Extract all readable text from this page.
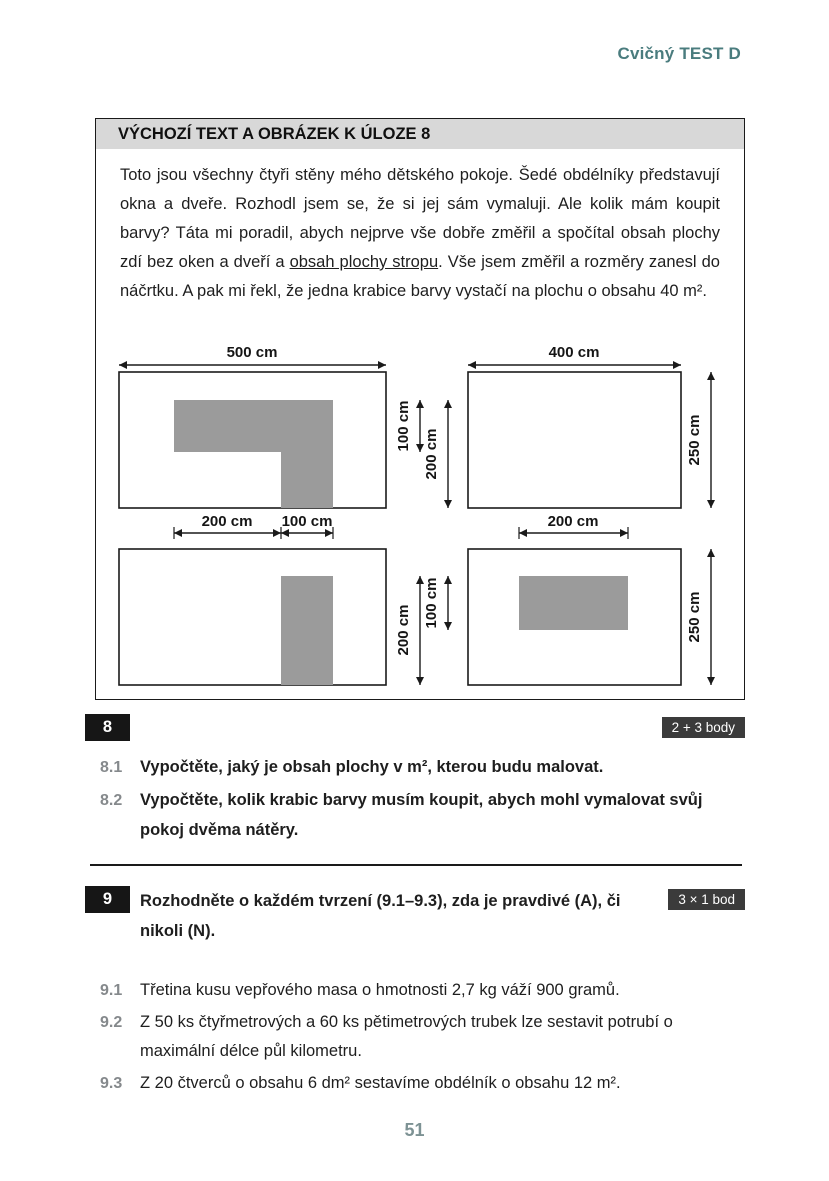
Cvičný TEST D
VÝCHOZÍ TEXT A OBRÁZEK K ÚLOZE 8

Toto jsou všechny čtyři stěny mého dětského pokoje. Šedé obdélníky představují okna a dveře. Rozhodl jsem se, že si jej sám vymaluji. Ale kolik mám koupit barvy? Táta mi poradil, abych nejprve vše dobře změřil a spočítal obsah plochy zdí bez oken a dveří a obsah plochy stropu. Vše jsem změřil a rozměry zanesl do náčrtku. A pak mi řekl, že jedna krabice barvy vystačí na plochu o obsahu 40 m².

500 cm
100 cm
200 cm
200 cm 100 cm
400 cm
250 cm
200 cm
100 cm
200 cm
250 cm
8	2 + 3 body
8.1	Vypočtěte, jaký je obsah plochy v m², kterou budu malovat.
8.2	Vypočtěte, kolik krabic barvy musím koupit, abych mohl vymalovat svůj pokoj dvěma nátěry.
9	Rozhodněte o každém tvrzení (9.1–9.3), zda je pravdivé (A), či nikoli (N).
3 × 1 bod
9.1	Třetina kusu vepřového masa o hmotnosti 2,7 kg váží 900 gramů.
9.2	Z 50 ks čtyřmetrových a 60 ks pětimetrových trubek lze sestavit potrubí o maximální délce půl kilometru.
9.3	Z 20 čtverců o obsahu 6 dm² sestavíme obdélník o obsahu 12 m².
51
